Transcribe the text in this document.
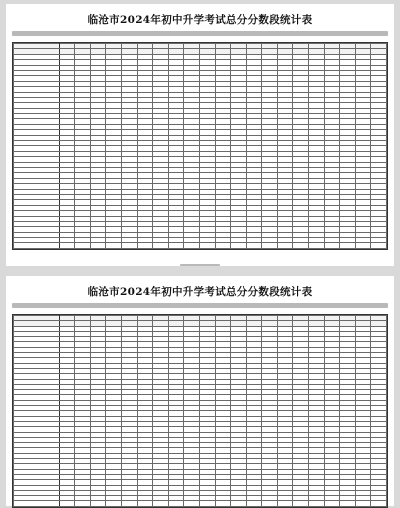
临沧市2024年初中升学考试总分分数段统计表

临沧市2024年初中升学考试总分分数段统计表
